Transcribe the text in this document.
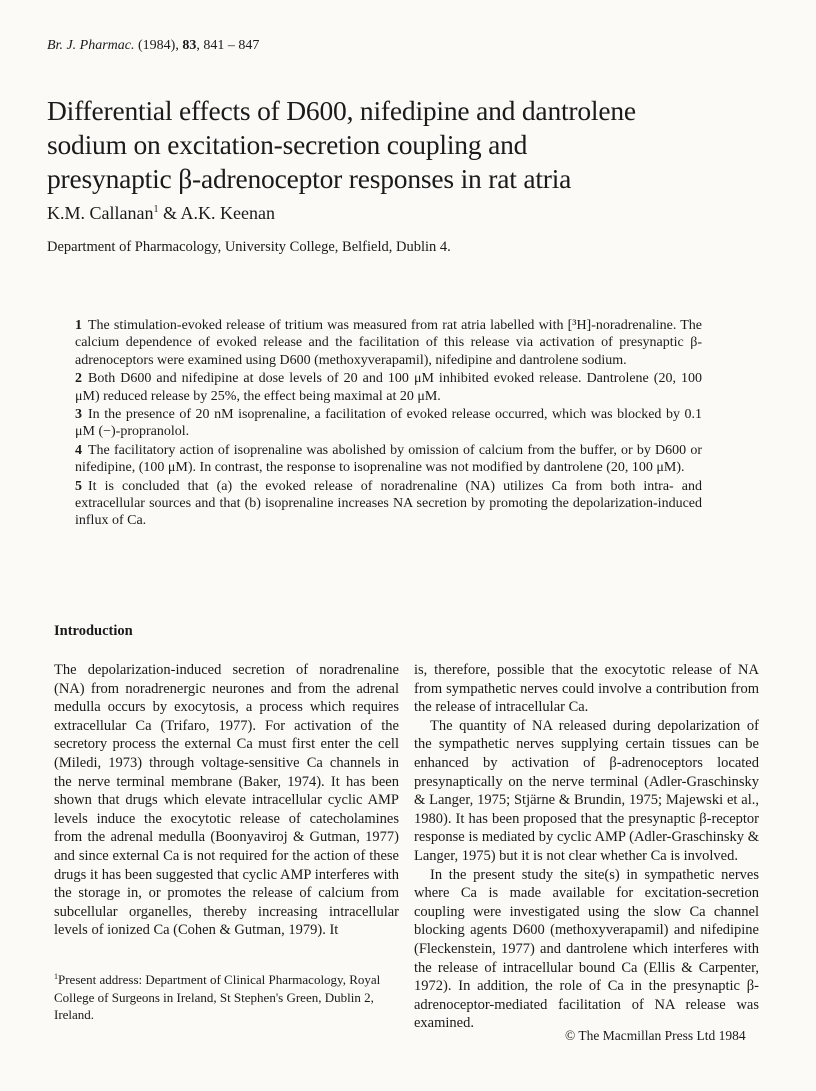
Br. J. Pharmac. (1984), 83, 841 – 847
Differential effects of D600, nifedipine and dantrolene
sodium on excitation-secretion coupling and
presynaptic β-adrenoceptor responses in rat atria
K.M. Callanan$^1$ & A.K. Keenan
Department of Pharmacology, University College, Belfield, Dublin 4.
1 The stimulation-evoked release of tritium was measured from rat atria labelled with [³H]-noradrenaline. The calcium dependence of evoked release and the facilitation of this release via activation of presynaptic β-adrenoceptors were examined using D600 (methoxyverapamil), nifedipine and dantrolene sodium.
2 Both D600 and nifedipine at dose levels of 20 and 100 μM inhibited evoked release. Dantrolene (20, 100 μM) reduced release by 25%, the effect being maximal at 20 μM.
3 In the presence of 20 nM isoprenaline, a facilitation of evoked release occurred, which was blocked by 0.1 μM (−)-propranolol.
4 The facilitatory action of isoprenaline was abolished by omission of calcium from the buffer, or by D600 or nifedipine, (100 μM). In contrast, the response to isoprenaline was not modified by dantrolene (20, 100 μM).
5 It is concluded that (a) the evoked release of noradrenaline (NA) utilizes Ca from both intra- and extracellular sources and that (b) isoprenaline increases NA secretion by promoting the depolarization-induced influx of Ca.
Introduction

The depolarization-induced secretion of noradrenaline (NA) from noradrenergic neurones and from the adrenal medulla occurs by exocytosis, a process which requires extracellular Ca (Trifaro, 1977). For activation of the secretory process the external Ca must first enter the cell (Miledi, 1973) through voltage-sensitive Ca channels in the nerve terminal membrane (Baker, 1974). It has been shown that drugs which elevate intracellular cyclic AMP levels induce the exocytotic release of catecholamines from the adrenal medulla (Boonyaviroj & Gutman, 1977) and since external Ca is not required for the action of these drugs it has been suggested that cyclic AMP interferes with the storage in, or promotes the release of calcium from subcellular organelles, thereby increasing intracellular levels of ionized Ca (Cohen & Gutman, 1979). It

is, therefore, possible that the exocytotic release of NA from sympathetic nerves could involve a contribution from the release of intracellular Ca.

The quantity of NA released during depolarization of the sympathetic nerves supplying certain tissues can be enhanced by activation of β-adrenoceptors located presynaptically on the nerve terminal (Adler-Graschinsky & Langer, 1975; Stjärne & Brundin, 1975; Majewski et al., 1980). It has been proposed that the presynaptic β-receptor response is mediated by cyclic AMP (Adler-Graschinsky & Langer, 1975) but it is not clear whether Ca is involved.

In the present study the site(s) in sympathetic nerves where Ca is made available for excitation-secretion coupling were investigated using the slow Ca channel blocking agents D600 (methoxyverapamil) and nifedipine (Fleckenstein, 1977) and dantrolene which interferes with the release of intracellular bound Ca (Ellis & Carpenter, 1972). In addition, the role of Ca in the presynaptic β-adrenoceptor-mediated facilitation of NA release was examined.

$^1$Present address: Department of Clinical Pharmacology, Royal College of Surgeons in Ireland, St Stephen's Green, Dublin 2, Ireland.
© The Macmillan Press Ltd 1984
